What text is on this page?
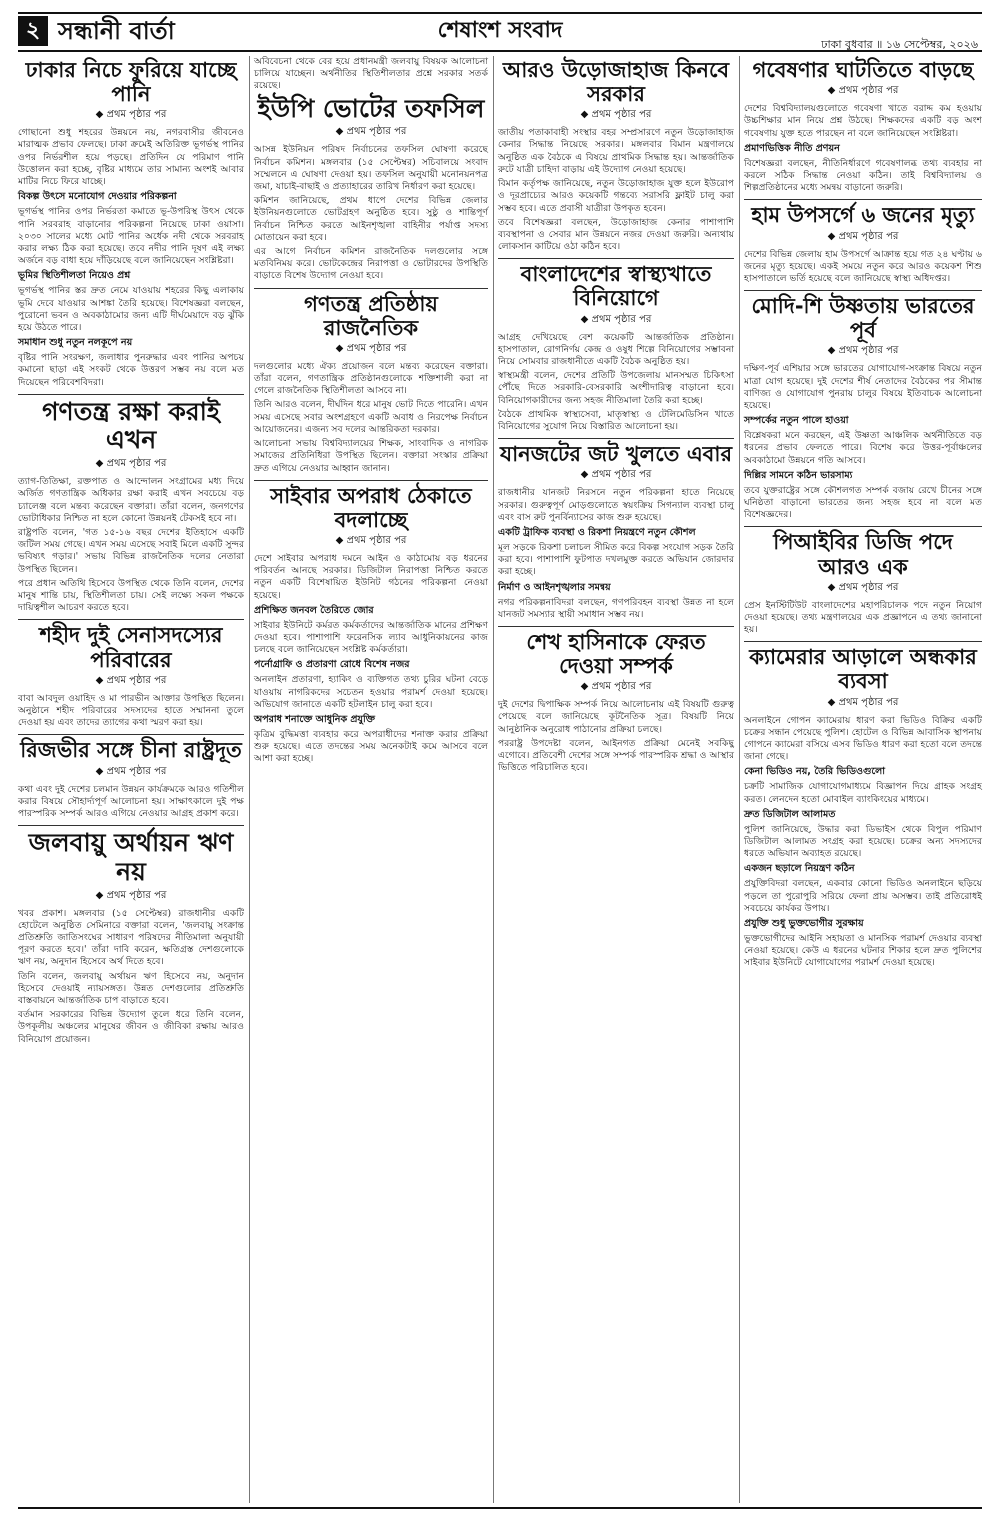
২ সন্ধানী বার্তা	শেষাংশ সংবাদ
ঢাকা বুধবার ॥ ১৬ সেপ্টেম্বর, ২০২৬
ঢাকার নিচে ফুরিয়ে যাচ্ছে পানি
◆ প্রথম পৃষ্ঠার পর

গোছানো শুধু শহরের উন্নয়নে নয়, নগরবাসীর জীবনেও মারাত্মক প্রভাব ফেলছে। ঢাকা ক্রমেই অতিরিক্ত ভূগর্ভস্থ পানির ওপর নির্ভরশীল হয়ে পড়ছে। প্রতিদিন যে পরিমাণ পানি উত্তোলন করা হচ্ছে, বৃষ্টির মাধ্যমে তার সামান্য অংশই আবার মাটির নিচে ফিরে যাচ্ছে।

বিকল্প উৎসে মনোযোগ দেওয়ার পরিকল্পনা

ভূগর্ভস্থ পানির ওপর নির্ভরতা কমাতে ভূ-উপরিস্থ উৎস থেকে পানি সরবরাহ বাড়ানোর পরিকল্পনা নিয়েছে ঢাকা ওয়াসা। ২০৩০ সালের মধ্যে মোট পানির অর্ধেক নদী থেকে সরবরাহ করার লক্ষ্য ঠিক করা হয়েছে। তবে নদীর পানি দূষণ এই লক্ষ্য অর্জনে বড় বাধা হয়ে দাঁড়িয়েছে বলে জানিয়েছেন সংশ্লিষ্টরা।

ভূমির স্থিতিশীলতা নিয়েও প্রশ্ন

ভূগর্ভস্থ পানির স্তর দ্রুত নেমে যাওয়ায় শহরের কিছু এলাকায় ভূমি দেবে যাওয়ার আশঙ্কা তৈরি হয়েছে। বিশেষজ্ঞরা বলছেন, পুরোনো ভবন ও অবকাঠামোর জন্য এটি দীর্ঘমেয়াদে বড় ঝুঁকি হয়ে উঠতে পারে।

সমাধান শুধু নতুন নলকূপে নয়

বৃষ্টির পানি সংরক্ষণ, জলাধার পুনরুদ্ধার এবং পানির অপচয় কমানো ছাড়া এই সংকট থেকে উত্তরণ সম্ভব নয় বলে মত দিয়েছেন পরিবেশবিদরা।

গণতন্ত্র রক্ষা করাই এখন
◆ প্রথম পৃষ্ঠার পর

ত্যাগ-তিতিক্ষা, রক্তপাত ও আন্দোলন সংগ্রামের মধ্য দিয়ে অর্জিত গণতান্ত্রিক অধিকার রক্ষা করাই এখন সবচেয়ে বড় চ্যালেঞ্জ বলে মন্তব্য করেছেন বক্তারা। তাঁরা বলেন, জনগণের ভোটাধিকার নিশ্চিত না হলে কোনো উন্নয়নই টেকসই হবে না।

রাষ্ট্রপতি বলেন, 'গত ১৫-১৬ বছর দেশের ইতিহাসে একটি জটিল সময় গেছে। এখন সময় এসেছে সবাই মিলে একটি সুন্দর ভবিষ্যৎ গড়ার।' সভায় বিভিন্ন রাজনৈতিক দলের নেতারা উপস্থিত ছিলেন।

পরে প্রধান অতিথি হিসেবে উপস্থিত থেকে তিনি বলেন, দেশের মানুষ শান্তি চায়, স্থিতিশীলতা চায়। সেই লক্ষ্যে সকল পক্ষকে দায়িত্বশীল আচরণ করতে হবে।

শহীদ দুই সেনাসদস্যের পরিবারের
◆ প্রথম পৃষ্ঠার পর

বাবা আবদুল ওয়াহিদ ও মা পারভীন আক্তার উপস্থিত ছিলেন। অনুষ্ঠানে শহীদ পরিবারের সদস্যদের হাতে সম্মাননা তুলে দেওয়া হয় এবং তাদের ত্যাগের কথা স্মরণ করা হয়।

রিজভীর সঙ্গে চীনা রাষ্ট্রদূত
◆ প্রথম পৃষ্ঠার পর

কথা এবং দুই দেশের চলমান উন্নয়ন কার্যক্রমকে আরও গতিশীল করার বিষয়ে সৌহার্দ্যপূর্ণ আলোচনা হয়। সাক্ষাৎকালে দুই পক্ষ পারস্পরিক সম্পর্ক আরও এগিয়ে নেওয়ার আগ্রহ প্রকাশ করে।

জলবায়ু অর্থায়ন ঋণ নয়
◆ প্রথম পৃষ্ঠার পর

খবর প্রকাশ। মঙ্গলবার (১৫ সেপ্টেম্বর) রাজধানীর একটি হোটেলে অনুষ্ঠিত সেমিনারে বক্তারা বলেন, 'জলবায়ু সংক্রান্ত প্রতিশ্রুতি জাতিসংঘের সাধারণ পরিষদের নীতিমালা অনুযায়ী পূরণ করতে হবে।' তাঁরা দাবি করেন, ক্ষতিগ্রস্ত দেশগুলোকে ঋণ নয়, অনুদান হিসেবে অর্থ দিতে হবে।

তিনি বলেন, জলবায়ু অর্থায়ন ঋণ হিসেবে নয়, অনুদান হিসেবে দেওয়াই ন্যায়সঙ্গত। উন্নত দেশগুলোর প্রতিশ্রুতি বাস্তবায়নে আন্তর্জাতিক চাপ বাড়াতে হবে।

বর্তমান সরকারের বিভিন্ন উদ্যোগ তুলে ধরে তিনি বলেন, উপকূলীয় অঞ্চলের মানুষের জীবন ও জীবিকা রক্ষায় আরও বিনিয়োগ প্রয়োজন।

অবিবেচনা থেকে বের হয়ে প্রধানমন্ত্রী জলবায়ু বিষয়ক আলোচনা চালিয়ে যাচ্ছেন। অর্থনীতির স্থিতিশীলতার প্রশ্নে সরকার সতর্ক রয়েছে।

ইউপি ভোটের তফসিল
◆ প্রথম পৃষ্ঠার পর

আসন্ন ইউনিয়ন পরিষদ নির্বাচনের তফসিল ঘোষণা করেছে নির্বাচন কমিশন। মঙ্গলবার (১৫ সেপ্টেম্বর) সচিবালয়ে সংবাদ সম্মেলনে এ ঘোষণা দেওয়া হয়। তফসিল অনুযায়ী মনোনয়নপত্র জমা, যাচাই-বাছাই ও প্রত্যাহারের তারিখ নির্ধারণ করা হয়েছে।

কমিশন জানিয়েছে, প্রথম ধাপে দেশের বিভিন্ন জেলার ইউনিয়নগুলোতে ভোটগ্রহণ অনুষ্ঠিত হবে। সুষ্ঠু ও শান্তিপূর্ণ নির্বাচন নিশ্চিত করতে আইনশৃঙ্খলা বাহিনীর পর্যাপ্ত সদস্য মোতায়েন করা হবে।

এর আগে নির্বাচন কমিশন রাজনৈতিক দলগুলোর সঙ্গে মতবিনিময় করে। ভোটকেন্দ্রের নিরাপত্তা ও ভোটারদের উপস্থিতি বাড়াতে বিশেষ উদ্যোগ নেওয়া হবে।

গণতন্ত্র প্রতিষ্ঠায় রাজনৈতিক
◆ প্রথম পৃষ্ঠার পর

দলগুলোর মধ্যে ঐক্য প্রয়োজন বলে মন্তব্য করেছেন বক্তারা। তাঁরা বলেন, গণতান্ত্রিক প্রতিষ্ঠানগুলোকে শক্তিশালী করা না গেলে রাজনৈতিক স্থিতিশীলতা আসবে না।

তিনি আরও বলেন, দীর্ঘদিন ধরে মানুষ ভোট দিতে পারেনি। এখন সময় এসেছে সবার অংশগ্রহণে একটি অবাধ ও নিরপেক্ষ নির্বাচন আয়োজনের। এজন্য সব দলের আন্তরিকতা দরকার।

আলোচনা সভায় বিশ্ববিদ্যালয়ের শিক্ষক, সাংবাদিক ও নাগরিক সমাজের প্রতিনিধিরা উপস্থিত ছিলেন। বক্তারা সংস্কার প্রক্রিয়া দ্রুত এগিয়ে নেওয়ার আহ্বান জানান।

সাইবার অপরাধ ঠেকাতে বদলাচ্ছে
◆ প্রথম পৃষ্ঠার পর

দেশে সাইবার অপরাধ দমনে আইন ও কাঠামোয় বড় ধরনের পরিবর্তন আনছে সরকার। ডিজিটাল নিরাপত্তা নিশ্চিত করতে নতুন একটি বিশেষায়িত ইউনিট গঠনের পরিকল্পনা নেওয়া হয়েছে।

প্রশিক্ষিত জনবল তৈরিতে জোর

সাইবার ইউনিটে কর্মরত কর্মকর্তাদের আন্তর্জাতিক মানের প্রশিক্ষণ দেওয়া হবে। পাশাপাশি ফরেনসিক ল্যাব আধুনিকায়নের কাজ চলছে বলে জানিয়েছেন সংশ্লিষ্ট কর্মকর্তারা।

পর্নোগ্রাফি ও প্রতারণা রোধে বিশেষ নজর

অনলাইন প্রতারণা, হ্যাকিং ও ব্যক্তিগত তথ্য চুরির ঘটনা বেড়ে যাওয়ায় নাগরিকদের সচেতন হওয়ার পরামর্শ দেওয়া হয়েছে। অভিযোগ জানাতে একটি হটলাইন চালু করা হবে।

অপরাধ শনাক্তে আধুনিক প্রযুক্তি

কৃত্রিম বুদ্ধিমত্তা ব্যবহার করে অপরাধীদের শনাক্ত করার প্রক্রিয়া শুরু হয়েছে। এতে তদন্তের সময় অনেকটাই কমে আসবে বলে আশা করা হচ্ছে।

আরও উড়োজাহাজ কিনবে সরকার
◆ প্রথম পৃষ্ঠার পর

জাতীয় পতাকাবাহী সংস্থার বহর সম্প্রসারণে নতুন উড়োজাহাজ কেনার সিদ্ধান্ত নিয়েছে সরকার। মঙ্গলবার বিমান মন্ত্রণালয়ে অনুষ্ঠিত এক বৈঠকে এ বিষয়ে প্রাথমিক সিদ্ধান্ত হয়। আন্তর্জাতিক রুটে যাত্রী চাহিদা বাড়ায় এই উদ্যোগ নেওয়া হয়েছে।

বিমান কর্তৃপক্ষ জানিয়েছে, নতুন উড়োজাহাজ যুক্ত হলে ইউরোপ ও দূরপ্রাচ্যের আরও কয়েকটি গন্তব্যে সরাসরি ফ্লাইট চালু করা সম্ভব হবে। এতে প্রবাসী যাত্রীরা উপকৃত হবেন।

তবে বিশেষজ্ঞরা বলছেন, উড়োজাহাজ কেনার পাশাপাশি ব্যবস্থাপনা ও সেবার মান উন্নয়নে নজর দেওয়া জরুরি। অন্যথায় লোকসান কাটিয়ে ওঠা কঠিন হবে।

বাংলাদেশের স্বাস্থ্যখাতে বিনিয়োগে
◆ প্রথম পৃষ্ঠার পর

আগ্রহ দেখিয়েছে বেশ কয়েকটি আন্তর্জাতিক প্রতিষ্ঠান। হাসপাতাল, রোগনির্ণয় কেন্দ্র ও ওষুধ শিল্পে বিনিয়োগের সম্ভাবনা নিয়ে সোমবার রাজধানীতে একটি বৈঠক অনুষ্ঠিত হয়।

স্বাস্থ্যমন্ত্রী বলেন, দেশের প্রতিটি উপজেলায় মানসম্মত চিকিৎসা পৌঁছে দিতে সরকারি-বেসরকারি অংশীদারিত্ব বাড়ানো হবে। বিনিয়োগকারীদের জন্য সহজ নীতিমালা তৈরি করা হচ্ছে।

বৈঠকে প্রাথমিক স্বাস্থ্যসেবা, মাতৃস্বাস্থ্য ও টেলিমেডিসিন খাতে বিনিয়োগের সুযোগ নিয়ে বিস্তারিত আলোচনা হয়।

যানজটের জট খুলতে এবার
◆ প্রথম পৃষ্ঠার পর

রাজধানীর যানজট নিরসনে নতুন পরিকল্পনা হাতে নিয়েছে সরকার। গুরুত্বপূর্ণ মোড়গুলোতে স্বয়ংক্রিয় সিগন্যাল ব্যবস্থা চালু এবং বাস রুট পুনর্বিন্যাসের কাজ শুরু হয়েছে।

একটি ট্রাফিক ব্যবস্থা ও রিকশা নিয়ন্ত্রণে নতুন কৌশল

মূল সড়কে রিকশা চলাচল সীমিত করে বিকল্প সংযোগ সড়ক তৈরি করা হবে। পাশাপাশি ফুটপাত দখলমুক্ত করতে অভিযান জোরদার করা হচ্ছে।

নির্মাণ ও আইনশৃঙ্খলার সমন্বয়

নগর পরিকল্পনাবিদরা বলছেন, গণপরিবহন ব্যবস্থা উন্নত না হলে যানজট সমস্যার স্থায়ী সমাধান সম্ভব নয়।

শেখ হাসিনাকে ফেরত দেওয়া সম্পর্ক
◆ প্রথম পৃষ্ঠার পর

দুই দেশের দ্বিপাক্ষিক সম্পর্ক নিয়ে আলোচনায় এই বিষয়টি গুরুত্ব পেয়েছে বলে জানিয়েছে কূটনৈতিক সূত্র। বিষয়টি নিয়ে আনুষ্ঠানিক অনুরোধ পাঠানোর প্রক্রিয়া চলছে।

পররাষ্ট্র উপদেষ্টা বলেন, আইনগত প্রক্রিয়া মেনেই সবকিছু এগোবে। প্রতিবেশী দেশের সঙ্গে সম্পর্ক পারস্পরিক শ্রদ্ধা ও আস্থার ভিত্তিতে পরিচালিত হবে।

গবেষণার ঘাটতিতে বাড়ছে
◆ প্রথম পৃষ্ঠার পর

দেশের বিশ্ববিদ্যালয়গুলোতে গবেষণা খাতে বরাদ্দ কম হওয়ায় উচ্চশিক্ষার মান নিয়ে প্রশ্ন উঠছে। শিক্ষকদের একটি বড় অংশ গবেষণায় যুক্ত হতে পারছেন না বলে জানিয়েছেন সংশ্লিষ্টরা।

প্রমাণভিত্তিক নীতি প্রণয়ন

বিশেষজ্ঞরা বলছেন, নীতিনির্ধারণে গবেষণালব্ধ তথ্য ব্যবহার না করলে সঠিক সিদ্ধান্ত নেওয়া কঠিন। তাই বিশ্ববিদ্যালয় ও শিল্পপ্রতিষ্ঠানের মধ্যে সমন্বয় বাড়ানো জরুরি।

হাম উপসর্গে ৬ জনের মৃত্যু
◆ প্রথম পৃষ্ঠার পর

দেশের বিভিন্ন জেলায় হাম উপসর্গে আক্রান্ত হয়ে গত ২৪ ঘণ্টায় ৬ জনের মৃত্যু হয়েছে। একই সময়ে নতুন করে আরও কয়েকশ শিশু হাসপাতালে ভর্তি হয়েছে বলে জানিয়েছে স্বাস্থ্য অধিদপ্তর।

মোদি-শি উষ্ণতায় ভারতের পূর্ব
◆ প্রথম পৃষ্ঠার পর

দক্ষিণ-পূর্ব এশিয়ার সঙ্গে ভারতের যোগাযোগ-সংক্রান্ত বিষয়ে নতুন মাত্রা যোগ হয়েছে। দুই দেশের শীর্ষ নেতাদের বৈঠকের পর সীমান্ত বাণিজ্য ও যোগাযোগ পুনরায় চালুর বিষয়ে ইতিবাচক আলোচনা হয়েছে।

সম্পর্কের নতুন পালে হাওয়া

বিশ্লেষকরা মনে করছেন, এই উষ্ণতা আঞ্চলিক অর্থনীতিতে বড় ধরনের প্রভাব ফেলতে পারে। বিশেষ করে উত্তর-পূর্বাঞ্চলের অবকাঠামো উন্নয়নে গতি আসবে।

দিল্লির সামনে কঠিন ভারসাম্য

তবে যুক্তরাষ্ট্রের সঙ্গে কৌশলগত সম্পর্ক বজায় রেখে চীনের সঙ্গে ঘনিষ্ঠতা বাড়ানো ভারতের জন্য সহজ হবে না বলে মত বিশেষজ্ঞদের।

পিআইবির ডিজি পদে আরও এক
◆ প্রথম পৃষ্ঠার পর

প্রেস ইনস্টিটিউট বাংলাদেশের মহাপরিচালক পদে নতুন নিয়োগ দেওয়া হয়েছে। তথ্য মন্ত্রণালয়ের এক প্রজ্ঞাপনে এ তথ্য জানানো হয়।

ক্যামেরার আড়ালে অন্ধকার ব্যবসা
◆ প্রথম পৃষ্ঠার পর

অনলাইনে গোপন ক্যামেরায় ধারণ করা ভিডিও বিক্রির একটি চক্রের সন্ধান পেয়েছে পুলিশ। হোটেল ও বিভিন্ন আবাসিক স্থাপনায় গোপনে ক্যামেরা বসিয়ে এসব ভিডিও ধারণ করা হতো বলে তদন্তে জানা গেছে।

কেনা ভিডিও নয়, তৈরি ভিডিওগুলো

চক্রটি সামাজিক যোগাযোগমাধ্যমে বিজ্ঞাপন দিয়ে গ্রাহক সংগ্রহ করত। লেনদেন হতো মোবাইল ব্যাংকিংয়ের মাধ্যমে।

দ্রুত ডিজিটাল আলামত

পুলিশ জানিয়েছে, উদ্ধার করা ডিভাইস থেকে বিপুল পরিমাণ ডিজিটাল আলামত সংগ্রহ করা হয়েছে। চক্রের অন্য সদস্যদের ধরতে অভিযান অব্যাহত রয়েছে।

একজন ছড়ালে নিয়ন্ত্রণ কঠিন

প্রযুক্তিবিদরা বলছেন, একবার কোনো ভিডিও অনলাইনে ছড়িয়ে পড়লে তা পুরোপুরি সরিয়ে ফেলা প্রায় অসম্ভব। তাই প্রতিরোধই সবচেয়ে কার্যকর উপায়।

প্রযুক্তি শুধু ভুক্তভোগীর সুরক্ষায়

ভুক্তভোগীদের আইনি সহায়তা ও মানসিক পরামর্শ দেওয়ার ব্যবস্থা নেওয়া হয়েছে। কেউ এ ধরনের ঘটনার শিকার হলে দ্রুত পুলিশের সাইবার ইউনিটে যোগাযোগের পরামর্শ দেওয়া হয়েছে।
